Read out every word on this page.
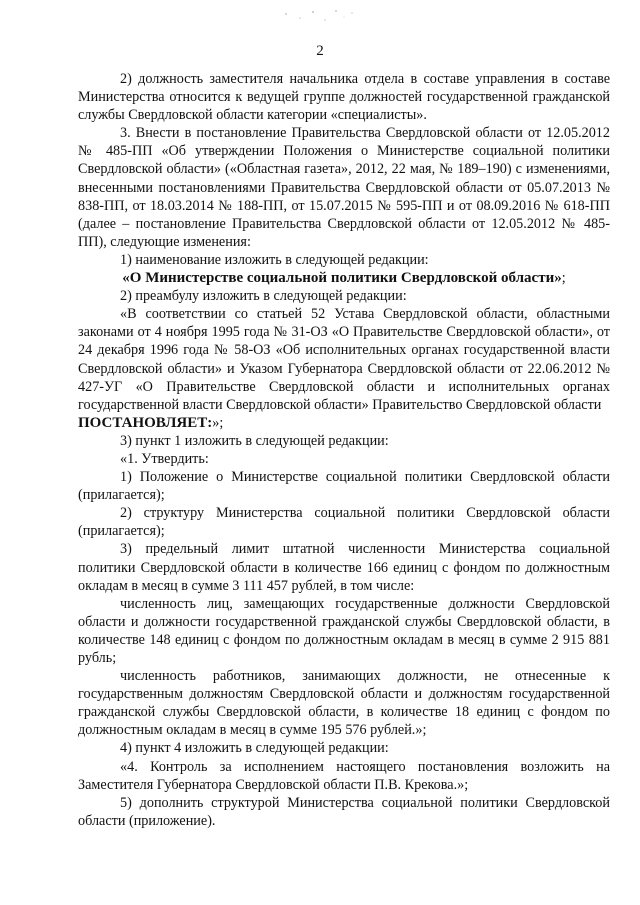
2

2) должность заместителя начальника отдела в составе управления в составе Министерства относится к ведущей группе должностей государственной гражданской службы Свердловской области категории «специалисты».

3. Внести в постановление Правительства Свердловской области от 12.05.2012 № 485-ПП «Об утверждении Положения о Министерстве социальной политики Свердловской области» («Областная газета», 2012, 22 мая, № 189–190) с изменениями, внесенными постановлениями Правительства Свердловской области от 05.07.2013 № 838-ПП, от 18.03.2014 № 188-ПП, от 15.07.2015 № 595-ПП и от 08.09.2016 № 618-ПП (далее – постановление Правительства Свердловской области от 12.05.2012 № 485-ПП), следующие изменения:

1) наименование изложить в следующей редакции:

«О Министерстве социальной политики Свердловской области»;

2) преамбулу изложить в следующей редакции:

«В соответствии со статьей 52 Устава Свердловской области, областными законами от 4 ноября 1995 года № 31-ОЗ «О Правительстве Свердловской области», от 24 декабря 1996 года № 58-ОЗ «Об исполнительных органах государственной власти Свердловской области» и Указом Губернатора Свердловской области от 22.06.2012 № 427-УГ «О Правительстве Свердловской области и исполнительных органах государственной власти Свердловской области» Правительство Свердловской области

ПОСТАНОВЛЯЕТ:»;

3) пункт 1 изложить в следующей редакции:

«1. Утвердить:

1) Положение о Министерстве социальной политики Свердловской области (прилагается);

2) структуру Министерства социальной политики Свердловской области (прилагается);

3) предельный лимит штатной численности Министерства социальной политики Свердловской области в количестве 166 единиц с фондом по должностным окладам в месяц в сумме 3 111 457 рублей, в том числе:

численность лиц, замещающих государственные должности Свердловской области и должности государственной гражданской службы Свердловской области, в количестве 148 единиц с фондом по должностным окладам в месяц в сумме 2 915 881 рубль;

численность работников, занимающих должности, не отнесенные к государственным должностям Свердловской области и должностям государственной гражданской службы Свердловской области, в количестве 18 единиц с фондом по должностным окладам в месяц в сумме 195 576 рублей.»;

4) пункт 4 изложить в следующей редакции:

«4. Контроль за исполнением настоящего постановления возложить на Заместителя Губернатора Свердловской области П.В. Крекова.»;

5) дополнить структурой Министерства социальной политики Свердловской области (приложение).
